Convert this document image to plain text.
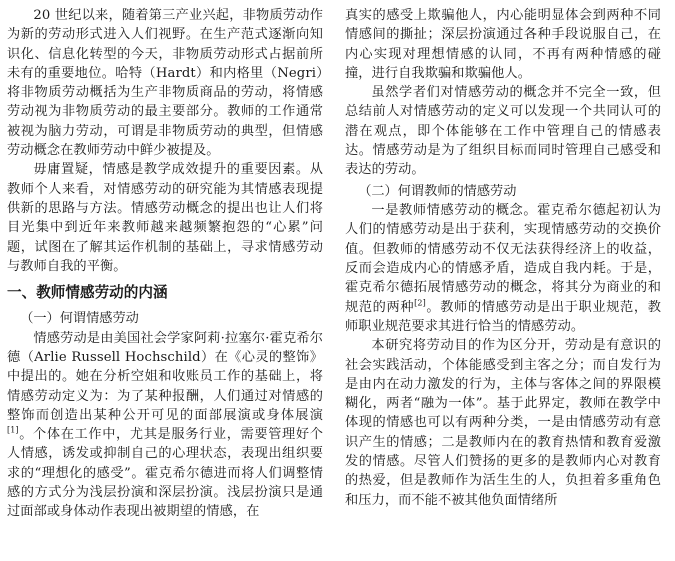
20 世纪以来，随着第三产业兴起，非物质劳动作为新的劳动形式进入人们视野。在生产范式逐渐向知识化、信息化转型的今天，非物质劳动形式占据前所未有的重要地位。哈特（Hardt）和内格里（Negri）将非物质劳动概括为生产非物质商品的劳动，将情感劳动视为非物质劳动的最主要部分。教师的工作通常被视为脑力劳动，可谓是非物质劳动的典型，但情感劳动概念在教师劳动中鲜少被提及。

毋庸置疑，情感是教学成效提升的重要因素。从教师个人来看，对情感劳动的研究能为其情感表现提供新的思路与方法。情感劳动概念的提出也让人们将目光集中到近年来教师越来越频繁抱怨的“心累”问题，试图在了解其运作机制的基础上，寻求情感劳动与教师自我的平衡。

一、教师情感劳动的内涵
（一）何谓情感劳动

情感劳动是由美国社会学家阿莉·拉塞尔·霍克希尔德（Arlie Russell Hochschild）在《心灵的整饰》中提出的。她在分析空姐和收账员工作的基础上，将情感劳动定义为：为了某种报酬，人们通过对情感的整饰而创造出某种公开可见的面部展演或身体展演[1]。个体在工作中，尤其是服务行业，需要管理好个人情感，诱发或抑制自己的心理状态，表现出组织要求的“理想化的感受”。霍克希尔德进而将人们调整情感的方式分为浅层扮演和深层扮演。浅层扮演只是通过面部或身体动作表现出被期望的情感，在

真实的感受上欺骗他人，内心能明显体会到两种不同情感间的撕扯；深层扮演通过各种手段说服自己，在内心实现对理想情感的认同，不再有两种情感的碰撞，进行自我欺骗和欺骗他人。

虽然学者们对情感劳动的概念并不完全一致，但总结前人对情感劳动的定义可以发现一个共同认可的潜在观点，即个体能够在工作中管理自己的情感表达。情感劳动是为了组织目标而同时管理自己感受和表达的劳动。

（二）何谓教师的情感劳动

一是教师情感劳动的概念。霍克希尔德起初认为人们的情感劳动是出于获利，实现情感劳动的交换价值。但教师的情感劳动不仅无法获得经济上的收益，反而会造成内心的情感矛盾，造成自我内耗。于是，霍克希尔德拓展情感劳动的概念，将其分为商业的和规范的两种[2]。教师的情感劳动是出于职业规范，教师职业规范要求其进行恰当的情感劳动。

本研究将劳动目的作为区分开，劳动是有意识的社会实践活动，个体能感受到主客之分；而自发行为是由内在动力激发的行为，主体与客体之间的界限模糊化，两者“融为一体”。基于此界定，教师在教学中体现的情感也可以有两种分类，一是由情感劳动有意识产生的情感；二是教师内在的教育热情和教育爱激发的情感。尽管人们赞扬的更多的是教师内心对教育的热爱，但是教师作为活生生的人，负担着多重角色和压力，而不能不被其他负面情绪所
